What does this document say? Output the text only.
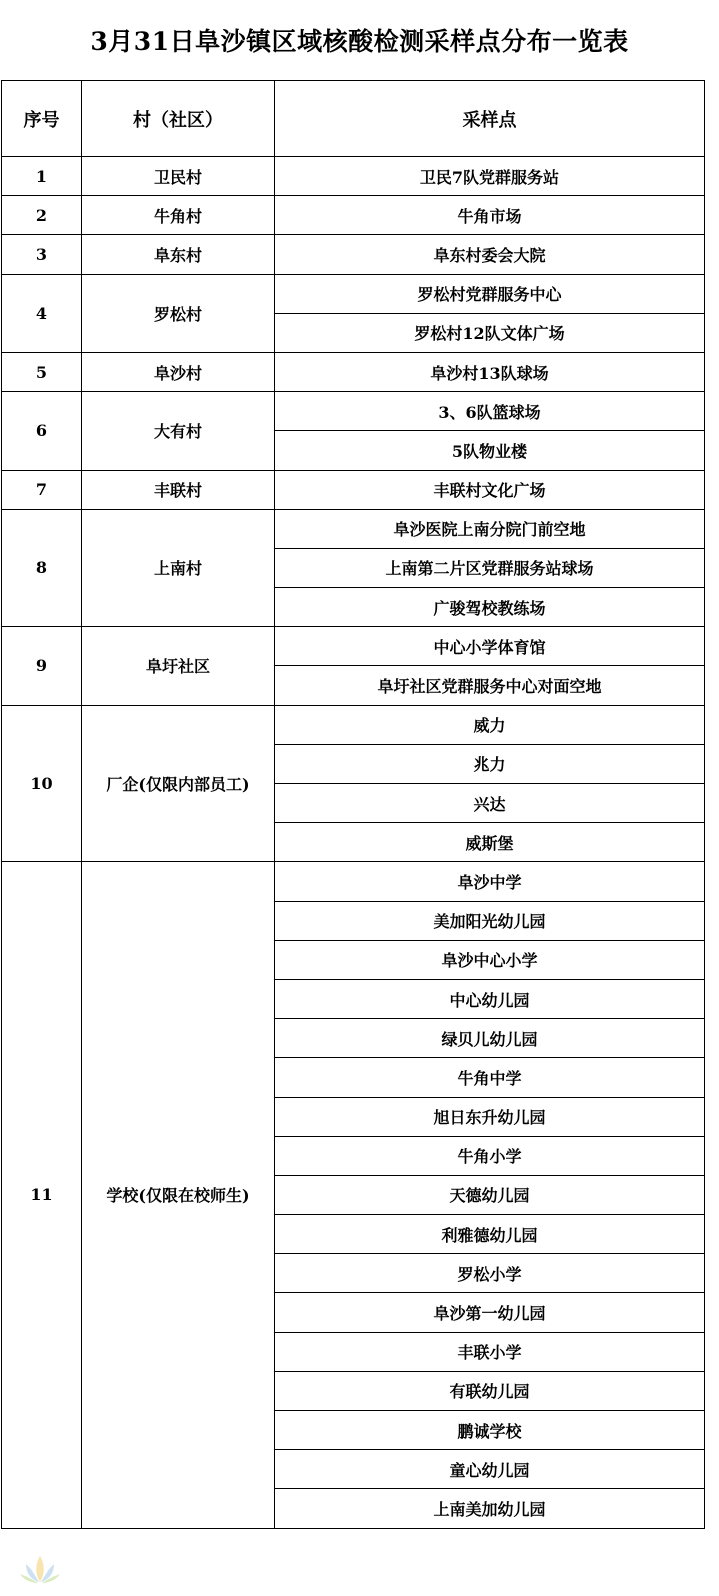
3月31日阜沙镇区域核酸检测采样点分布一览表
序号	村（社区）	采样点
1	卫民村	卫民7队党群服务站
2	牛角村	牛角市场
3	阜东村	阜东村委会大院
4	罗松村	罗松村党群服务中心
		罗松村12队文体广场
5	阜沙村	阜沙村13队球场
6	大有村	3、6队篮球场
		5队物业楼
7	丰联村	丰联村文化广场
8	上南村	阜沙医院上南分院门前空地
		上南第二片区党群服务站球场
		广骏驾校教练场
9	阜圩社区	中心小学体育馆
		阜圩社区党群服务中心对面空地
10	厂企(仅限内部员工)	威力
		兆力
		兴达
		威斯堡
11	学校(仅限在校师生)	阜沙中学
		美加阳光幼儿园
		阜沙中心小学
		中心幼儿园
		绿贝儿幼儿园
		牛角中学
		旭日东升幼儿园
		牛角小学
		天德幼儿园
		利雅德幼儿园
		罗松小学
		阜沙第一幼儿园
		丰联小学
		有联幼儿园
		鹏诚学校
		童心幼儿园
		上南美加幼儿园
